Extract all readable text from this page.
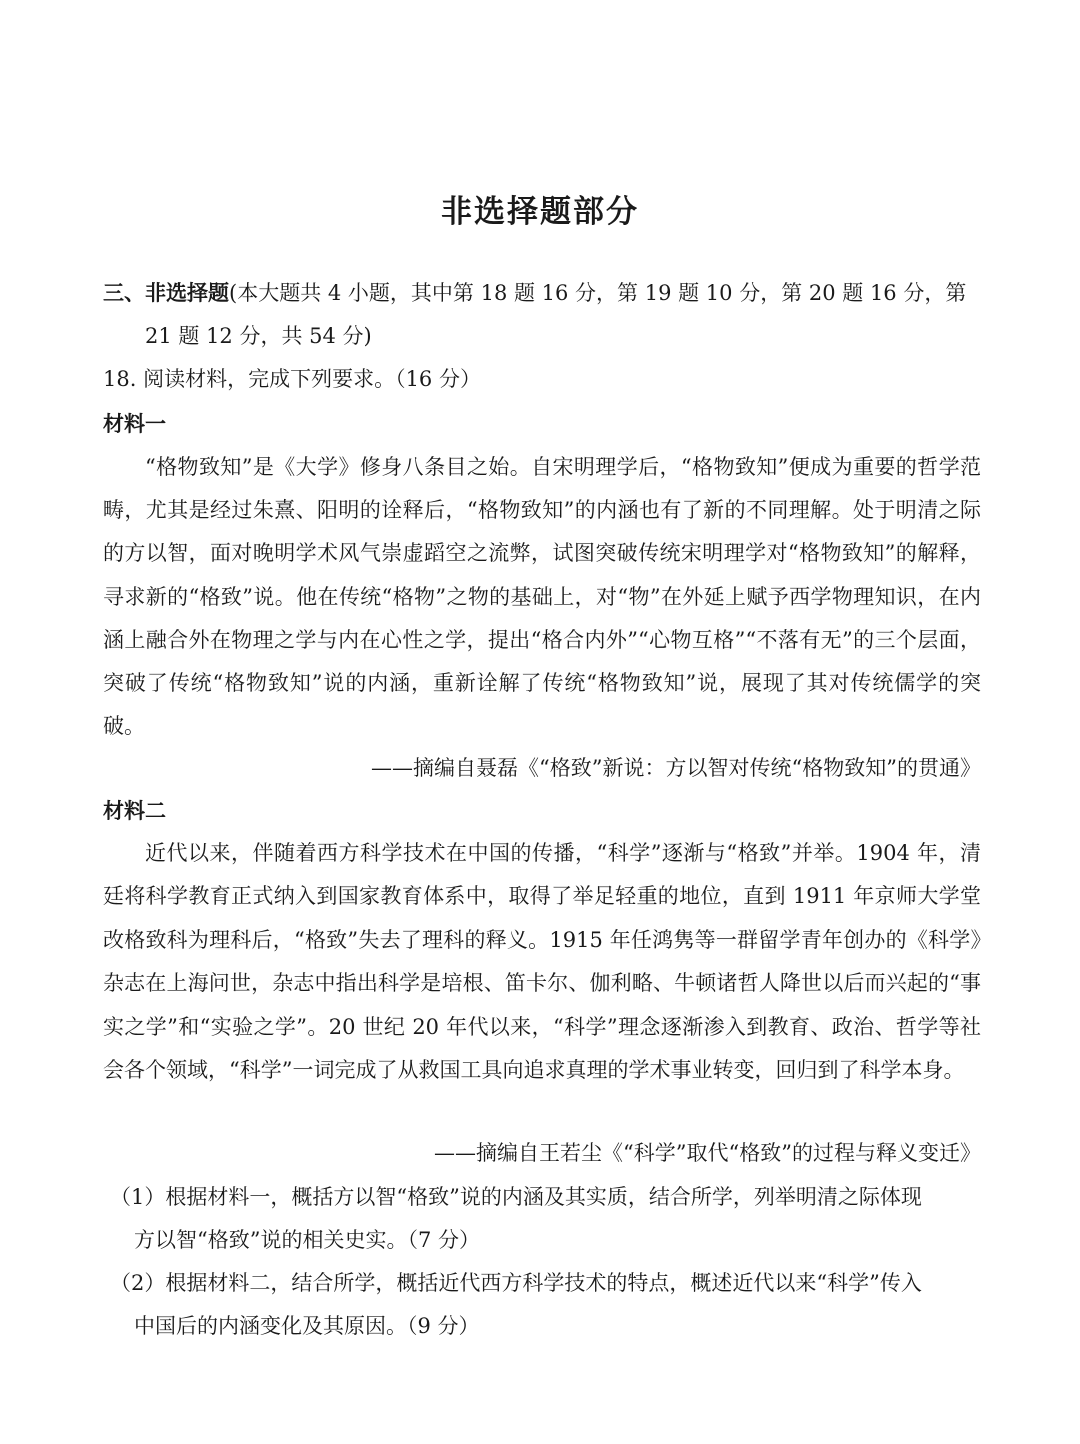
非选择题部分

三、非选择题(本大题共 4 小题，其中第 18 题 16 分，第 19 题 10 分，第 20 题 16 分，第
21 题 12 分，共 54 分)

18. 阅读材料，完成下列要求。（16 分）

材料一

“格物致知”是《大学》修身八条目之始。自宋明理学后，“格物致知”便成为重要的哲学范畴，尤其是经过朱熹、阳明的诠释后，“格物致知”的内涵也有了新的不同理解。处于明清之际的方以智，面对晚明学术风气崇虚蹈空之流弊，试图突破传统宋明理学对“格物致知”的解释，寻求新的“格致”说。他在传统“格物”之物的基础上，对“物”在外延上赋予西学物理知识，在内涵上融合外在物理之学与内在心性之学，提出“格合内外”“心物互格”“不落有无”的三个层面，突破了传统“格物致知”说的内涵，重新诠解了传统“格物致知”说，展现了其对传统儒学的突破。

——摘编自聂磊《“格致”新说：方以智对传统“格物致知”的贯通》

材料二

近代以来，伴随着西方科学技术在中国的传播，“科学”逐渐与“格致”并举。1904 年，清廷将科学教育正式纳入到国家教育体系中，取得了举足轻重的地位，直到 1911 年京师大学堂改格致科为理科后，“格致”失去了理科的释义。1915 年任鸿隽等一群留学青年创办的《科学》杂志在上海问世，杂志中指出科学是培根、笛卡尔、伽利略、牛顿诸哲人降世以后而兴起的“事实之学”和“实验之学”。20 世纪 20 年代以来，“科学”理念逐渐渗入到教育、政治、哲学等社会各个领域，“科学”一词完成了从救国工具向追求真理的学术事业转变，回归到了科学本身。

——摘编自王若尘《“科学”取代“格致”的过程与释义变迁》

（1）根据材料一，概括方以智“格致”说的内涵及其实质，结合所学，列举明清之际体现
方以智“格致”说的相关史实。（7 分）

（2）根据材料二，结合所学，概括近代西方科学技术的特点，概述近代以来“科学”传入
中国后的内涵变化及其原因。（9 分）
